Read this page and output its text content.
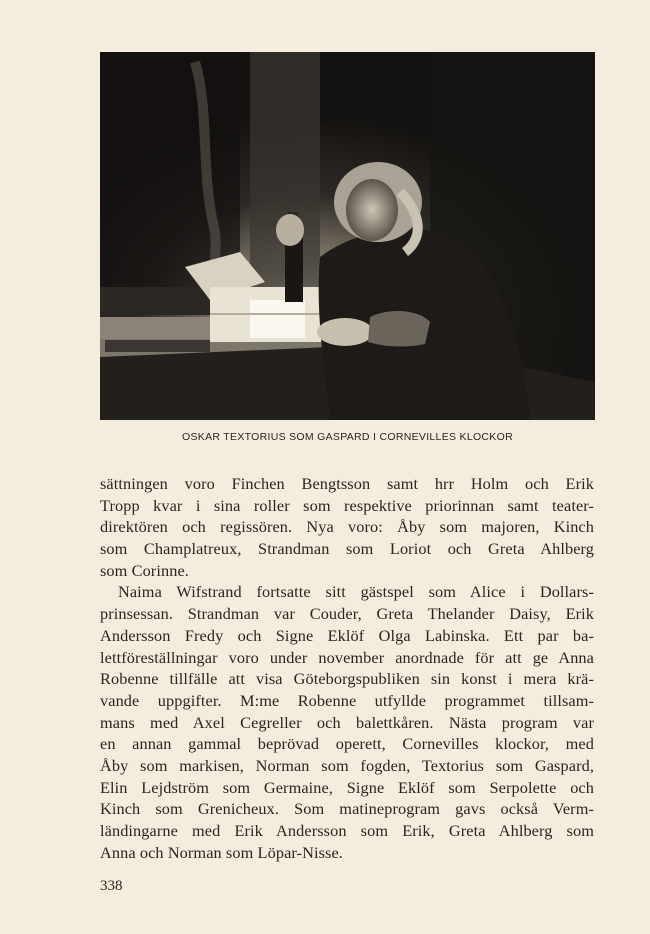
OSKAR TEXTORIUS SOM GASPARD I CORNEVILLES KLOCKOR
sättningen voro Finchen Bengtsson samt hrr Holm och Erik
Tropp kvar i sina roller som respektive priorinnan samt teater-
direktören och regissören. Nya voro: Åby som majoren, Kinch
som Champlatreux, Strandman som Loriot och Greta Ahlberg
som Corinne.
Naima Wifstrand fortsatte sitt gästspel som Alice i Dollars-
prinsessan. Strandman var Couder, Greta Thelander Daisy, Erik
Andersson Fredy och Signe Eklöf Olga Labinska. Ett par ba-
lettföreställningar voro under november anordnade för att ge Anna
Robenne tillfälle att visa Göteborgspubliken sin konst i mera krä-
vande uppgifter. M:me Robenne utfyllde programmet tillsam-
mans med Axel Cegreller och balettkåren. Nästa program var
en annan gammal beprövad operett, Cornevilles klockor, med
Åby som markisen, Norman som fogden, Textorius som Gaspard,
Elin Lejdström som Germaine, Signe Eklöf som Serpolette och
Kinch som Grenicheux. Som matineprogram gavs också Verm-
ländingarne med Erik Andersson som Erik, Greta Ahlberg som
Anna och Norman som Löpar-Nisse.
338
